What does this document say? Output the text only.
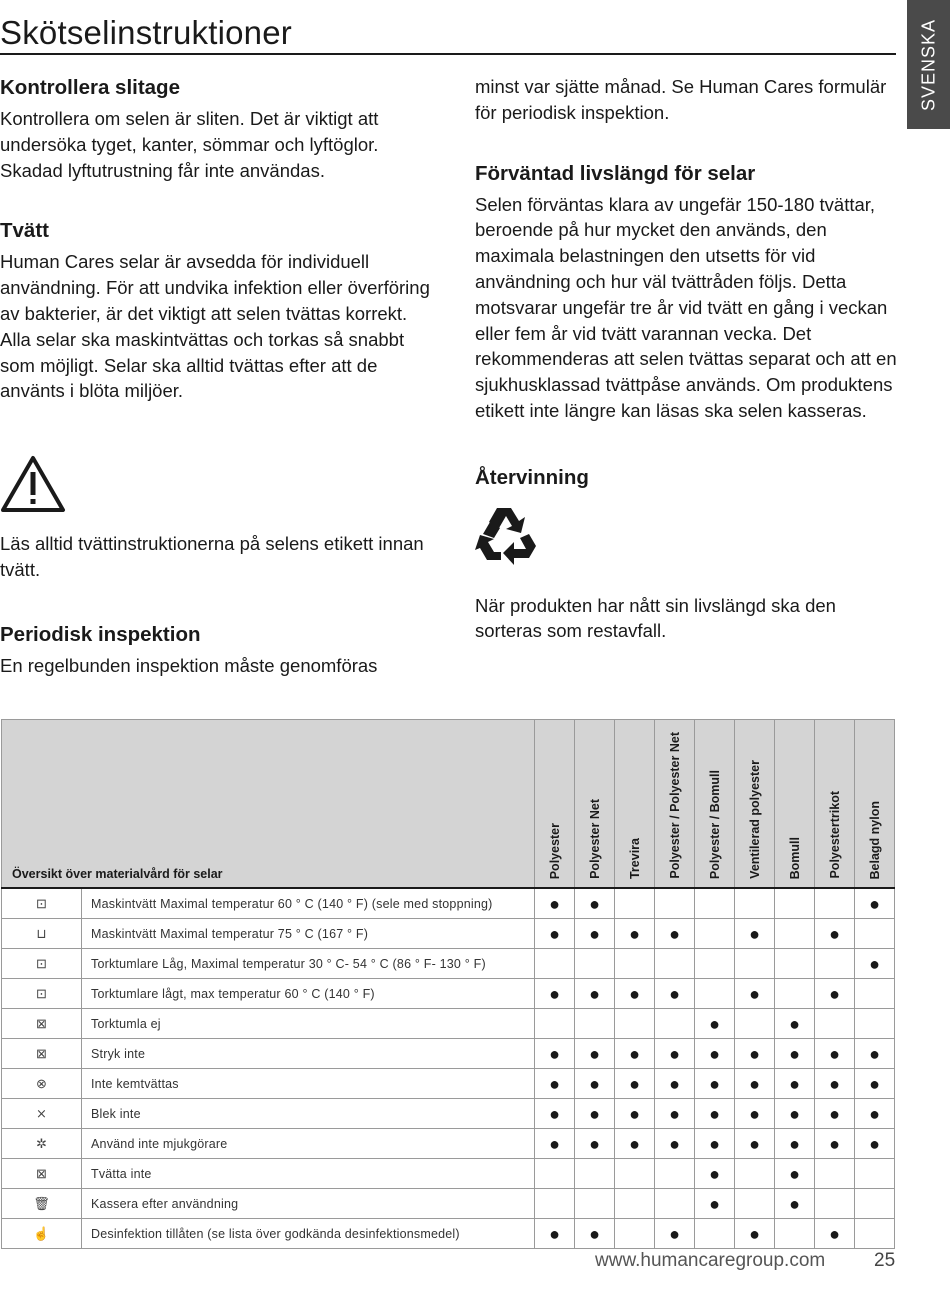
Skötselinstruktioner	SVENSKA
Kontrollera slitage

Kontrollera om selen är sliten. Det är viktigt att undersöka tyget, kanter, sömmar och lyftöglor. Skadad lyftutrustning får inte användas.

Tvätt

Human Cares selar är avsedda för individuell användning. För att undvika infektion eller överföring av bakterier, är det viktigt att selen tvättas korrekt. Alla selar ska maskintvättas och torkas så snabbt som möjligt. Selar ska alltid tvättas efter att de använts i blöta miljöer.

Läs alltid tvättinstruktionerna på selens etikett innan tvätt.

Periodisk inspektion

En regelbunden inspektion måste genomföras

minst var sjätte månad. Se Human Cares formulär för periodisk inspektion.

Förväntad livslängd för selar

Selen förväntas klara av ungefär 150-180 tvättar, beroende på hur mycket den används, den maximala belastningen den utsetts för vid användning och hur väl tvättråden följs. Detta motsvarar ungefär tre år vid tvätt en gång i veckan eller fem år vid tvätt varannan vecka. Det rekommenderas att selen tvättas separat och att en sjukhusklassad tvättpåse används. Om produktens etikett inte längre kan läsas ska selen kasseras.

Återvinning

När produkten har nått sin livslängd ska den sorteras som restavfall.

Översikt över materialvård för selar		Polyester	Polyester Net	Trevira	Polyester / Polyester Net	Polyester / Bomull	Ventilerad polyester	Bomull	Polyestertrikot	Belagd nylon

⊡	Maskintvätt Maximal temperatur 60 ° C (140 ° F) (sele med stoppning)	●	●							●
⊔	Maskintvätt Maximal temperatur 75 ° C (167 ° F)	●	●	●	●		●		●	
⊡	Torktumlare Låg, Maximal temperatur 30 ° C- 54 ° C (86 ° F- 130 ° F)									●
⊡	Torktumlare lågt, max temperatur 60 ° C (140 ° F)	●	●	●	●		●		●	
⊠	Torktumla ej					●		●		
⊠	Stryk inte	●	●	●	●	●	●	●	●	●
⊗	Inte kemtvättas	●	●	●	●	●	●	●	●	●
⨯	Blek inte	●	●	●	●	●	●	●	●	●
✲	Använd inte mjukgörare	●	●	●	●	●	●	●	●	●
⊠	Tvätta inte					●		●		
🗑	Kassera efter användning					●		●		
☝	Desinfektion tillåten (se lista över godkända desinfektionsmedel)	●	●		●		●		●	
www.humancaregroup.com	25
